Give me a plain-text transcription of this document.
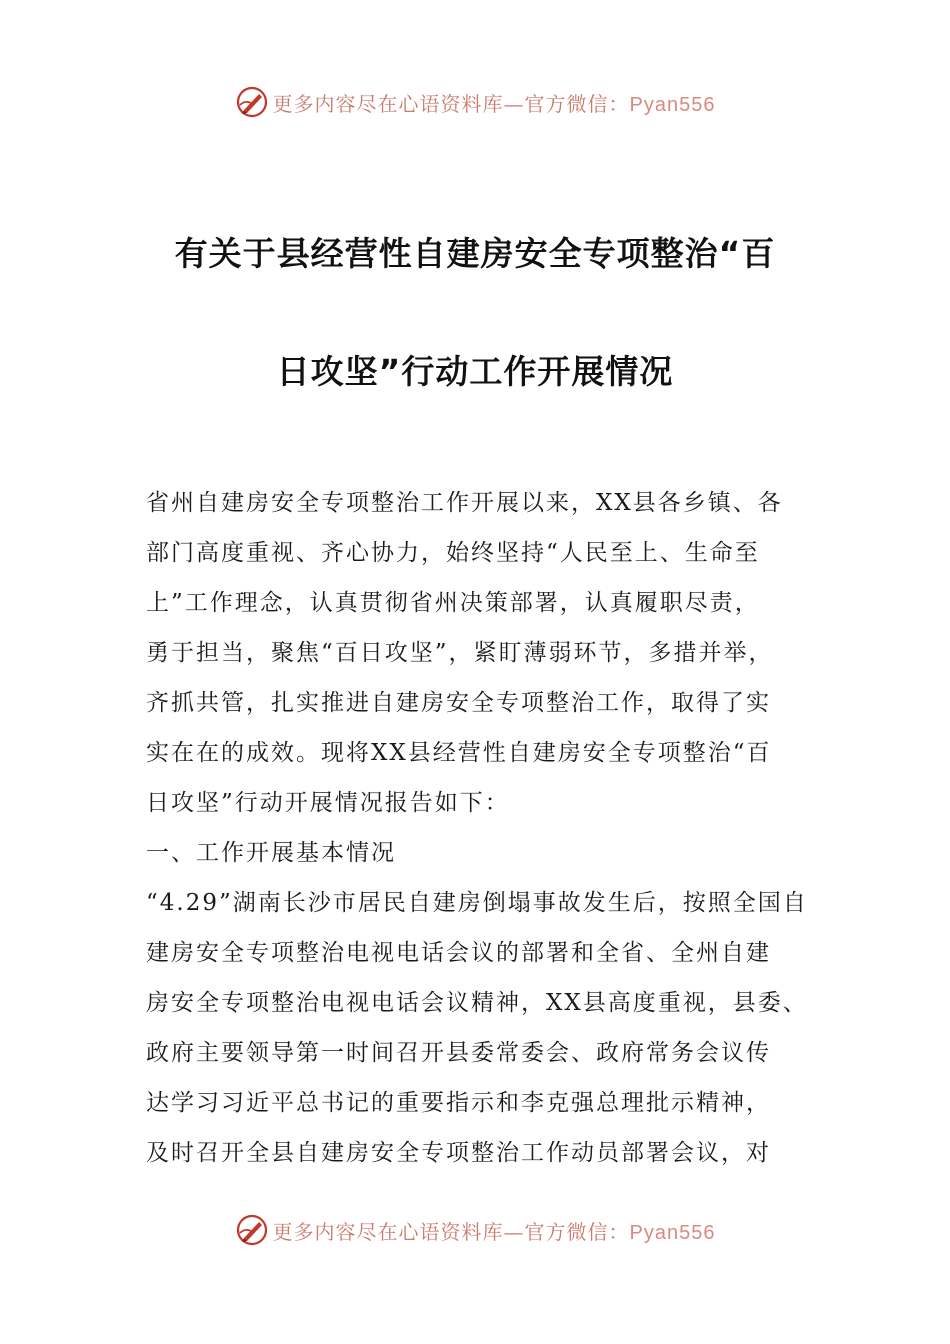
更多内容尽在心语资料库—官方微信：Pyan556
有关于县经营性自建房安全专项整治“百
日攻坚”行动工作开展情况
省州自建房安全专项整治工作开展以来，XX县各乡镇、各
部门高度重视、齐心协力，始终坚持“人民至上、生命至
上”工作理念，认真贯彻省州决策部署，认真履职尽责，
勇于担当，聚焦“百日攻坚”，紧盯薄弱环节，多措并举，
齐抓共管，扎实推进自建房安全专项整治工作，取得了实
实在在的成效。现将XX县经营性自建房安全专项整治“百
日攻坚”行动开展情况报告如下：
一、工作开展基本情况
“4.29”湖南长沙市居民自建房倒塌事故发生后，按照全国自
建房安全专项整治电视电话会议的部署和全省、全州自建
房安全专项整治电视电话会议精神，XX县高度重视，县委、
政府主要领导第一时间召开县委常委会、政府常务会议传
达学习习近平总书记的重要指示和李克强总理批示精神，
及时召开全县自建房安全专项整治工作动员部署会议，对
更多内容尽在心语资料库—官方微信：Pyan556
